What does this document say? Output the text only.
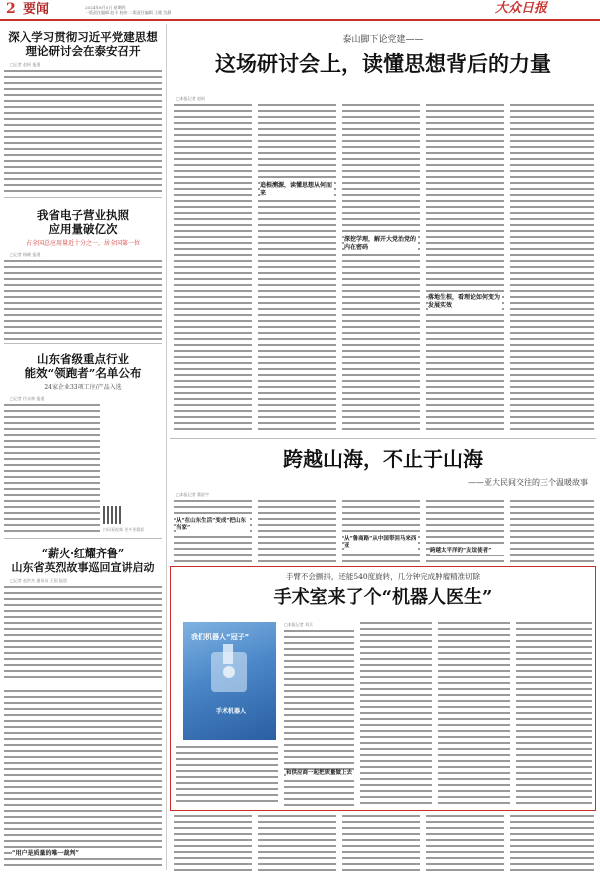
2 要闻	2024年8月5日 星期四
一版责任编辑 赵丰 校伟 二版责任编辑 王健 沈静	大众日报
深入学习贯彻习近平党建思想
理论研讨会在泰安召开
□记者 赵轲 报道
我省电子营业执照
应用量破亿次
占全国总应用量近十分之一，居全国第一位
□记者 杨晓 报道
山东省级重点行业
能效“领跑者”名单公布
24家企业33项工序/产品入选
□记者 付永林 报道
扫码看视频 更多更精彩
“薪火·红耀齐鲁”
山东省英烈故事巡回宣讲启动
□记者 赵洪杰 通讯员 王国 报道
泰山脚下论党建——
这场研讨会上，读懂思想背后的力量
□本报记者 赵轲
追根溯源，读懂思想从何而来
深挖学理，解开大党治党的内在密码
落地生根，看理论如何变为发展实效
跨越山海，不止于山海
——亚大民间交往的三个温暖故事
□本报记者 董舒宇
从“在山东生活”变成“把山东当家”
从“鲁商路”从中国带回马来西亚
跨越太平洋的“友谊使者”
手臂不会颤抖，还能540度旋转，几分钟完成肿瘤精准切除
手术室来了个“机器人医生”
我们机器人“冠子”
手术机器人
□本报记者 刘兵
和供应商一起把质量做上去
“用户是质量的唯一裁判”
